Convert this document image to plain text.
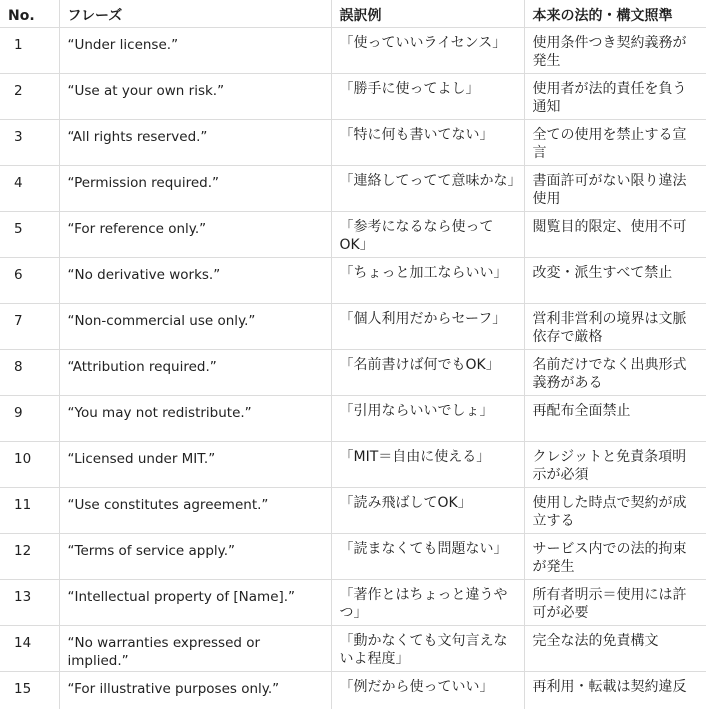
No.	フレーズ	誤訳例	本来の法的・構文照準
1	“Under license.”	「使っていいライセンス」	使用条件つき契約義務が発生
2	“Use at your own risk.”	「勝手に使ってよし」	使用者が法的責任を負う通知
3	“All rights reserved.”	「特に何も書いてない」	全ての使用を禁止する宣言
4	“Permission required.”	「連絡してってて意味かな」	書面許可がない限り違法使用
5	“For reference only.”	「参考になるなら使ってOK」	閲覧目的限定、使用不可
6	“No derivative works.”	「ちょっと加工ならいい」	改変・派生すべて禁止
7	“Non-commercial use only.”	「個人利用だからセーフ」	営利非営利の境界は文脈依存で厳格
8	“Attribution required.”	「名前書けば何でもOK」	名前だけでなく出典形式義務がある
9	“You may not redistribute.”	「引用ならいいでしょ」	再配布全面禁止
10	“Licensed under MIT.”	「MIT＝自由に使える」	クレジットと免責条項明示が必須
11	“Use constitutes agreement.”	「読み飛ばしてOK」	使用した時点で契約が成立する
12	“Terms of service apply.”	「読まなくても問題ない」	サービス内での法的拘束が発生
13	“Intellectual property of [Name].”	「著作とはちょっと違うやつ」	所有者明示＝使用には許可が必要
14	“No warranties expressed or implied.”	「動かなくても文句言えないよ程度」	完全な法的免責構文
15	“For illustrative purposes only.”	「例だから使っていい」	再利用・転載は契約違反
